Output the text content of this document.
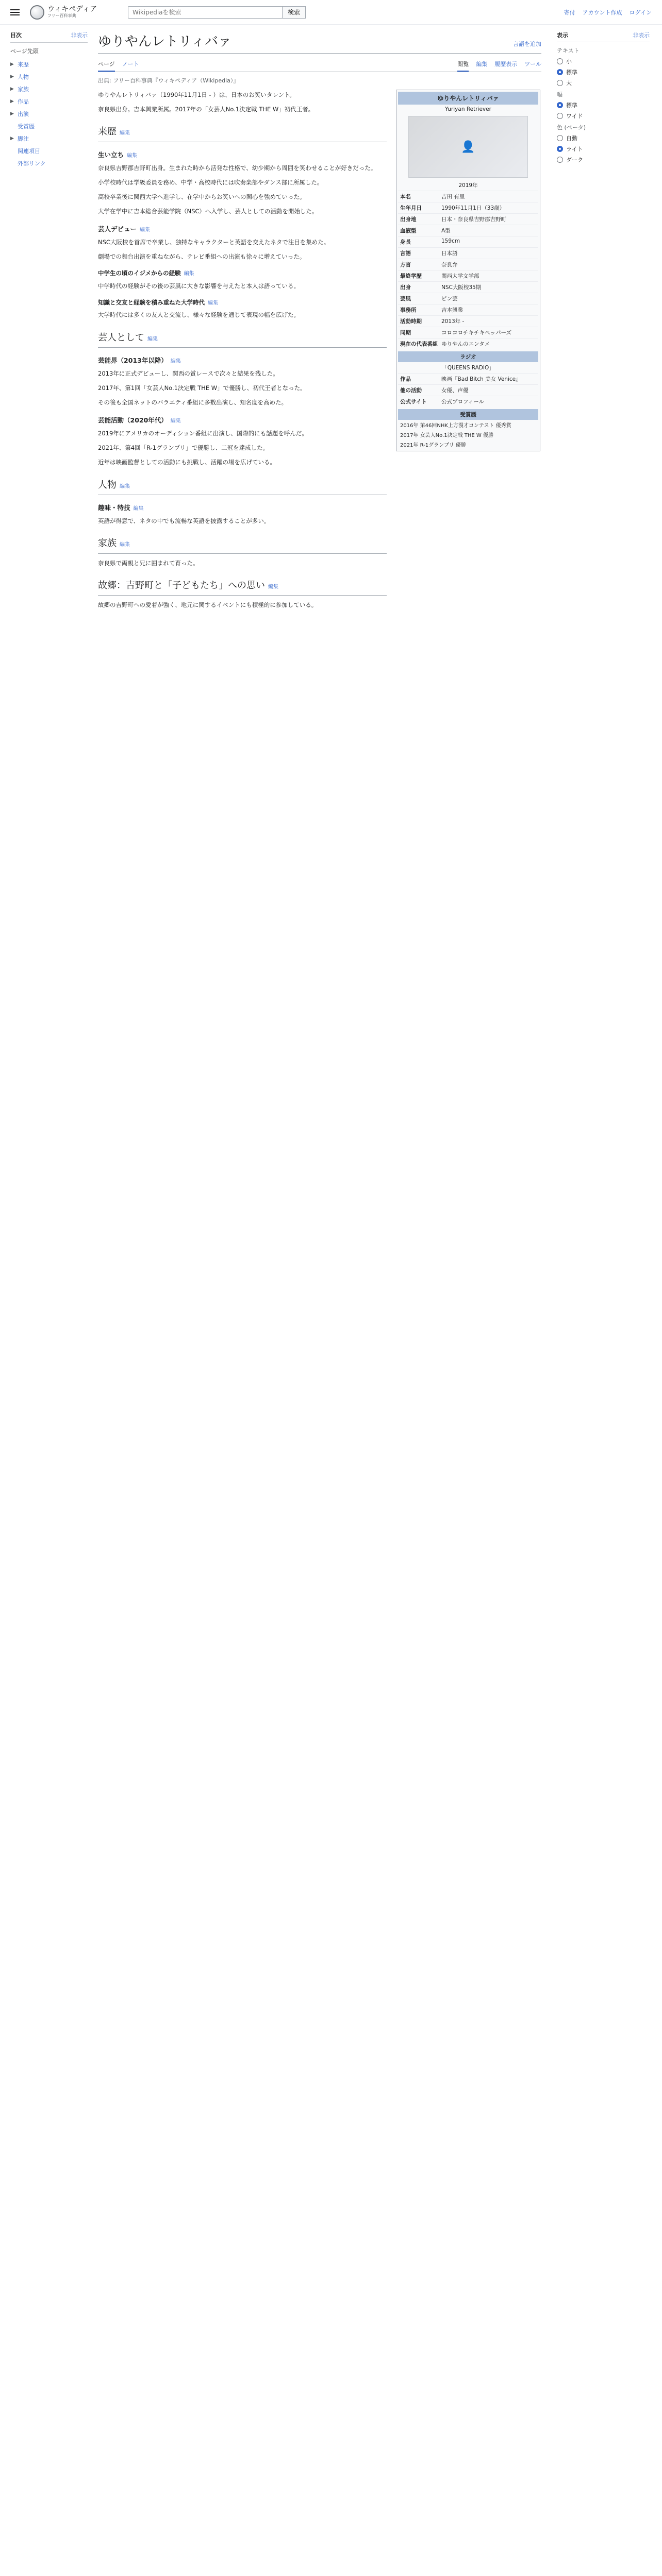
ウィキペディア
フリー百科事典
Wikipediaを検索	検索	寄付 アカウント作成 ログイン
目次	非表示
ページ先頭
▶ 来歴
▶ 人物
▶ 家族
▶ 作品
▶ 出演
受賞歴
▶ 脚注
関連項目
外部リンク
ゆりやんレトリィバァ	言語を追加
ページ ノート	閲覧 編集 履歴表示 ツール
出典: フリー百科事典『ウィキペディア（Wikipedia）』

ゆりやんレトリィバァ（1990年11月1日 - ）は、日本のお笑いタレント。

奈良県出身。吉本興業所属。2017年の「女芸人No.1決定戦 THE W」初代王者。

来歴 編集
生い立ち 編集

奈良県吉野郡吉野町出身。生まれた時から活発な性格で、幼少期から周囲を笑わせることが好きだった。

小学校時代は学級委員を務め、中学・高校時代には吹奏楽部やダンス部に所属した。

高校卒業後に関西大学へ進学し、在学中からお笑いへの関心を強めていった。

大学在学中に吉本総合芸能学院（NSC）へ入学し、芸人としての活動を開始した。

芸人デビュー 編集

NSC大阪校を首席で卒業し、独特なキャラクターと英語を交えたネタで注目を集めた。

劇場での舞台出演を重ねながら、テレビ番組への出演も徐々に増えていった。

中学生の頃のイジメからの経験 編集

中学時代の経験がその後の芸風に大きな影響を与えたと本人は語っている。

知識と交友と経験を積み重ねた大学時代 編集

大学時代には多くの友人と交流し、様々な経験を通じて表現の幅を広げた。

芸人として 編集
芸能界（2013年以降） 編集

2013年に正式デビューし、関西の賞レースで次々と結果を残した。

2017年、第1回「女芸人No.1決定戦 THE W」で優勝し、初代王者となった。

その後も全国ネットのバラエティ番組に多数出演し、知名度を高めた。

芸能活動（2020年代） 編集

2019年にアメリカのオーディション番組に出演し、国際的にも話題を呼んだ。

2021年、第4回「R-1グランプリ」で優勝し、二冠を達成した。

近年は映画監督としての活動にも挑戦し、活躍の場を広げている。

人物 編集
趣味・特技 編集

英語が得意で、ネタの中でも流暢な英語を披露することが多い。

家族 編集

奈良県で両親と兄に囲まれて育った。

故郷：吉野町と「子どもたち」への思い 編集

故郷の吉野町への愛着が強く、地元に関するイベントにも積極的に参加している。

ゆりやんレトリィバァ
Yuriyan Retriever
👤
2019年
本名	吉田 有里
生年月日	1990年11月1日（33歳）
出身地	日本・奈良県吉野郡吉野町
血液型	A型
身長	159cm
言語	日本語
方言	奈良弁
最終学歴	関西大学文学部
出身	NSC大阪校35期
芸風	ピン芸
事務所	吉本興業
活動時期	2013年 -
同期	コロコロチキチキペッパーズ
現在の代表番組 ゆりやんのエンタメ
ラジオ
「QUEENS RADIO」
作品	映画『Bad Bitch 美女 Venice』
他の活動	女優、声優
公式サイト	公式プロフィール
受賞歴
2016年 第46回NHK上方漫才コンテスト 優秀賞
2017年 女芸人No.1決定戦 THE W 優勝
2021年 R-1グランプリ 優勝
表示	非表示
テキスト
小
標準
大
幅
標準
ワイド
色 (ベータ)
自動
ライト
ダーク
